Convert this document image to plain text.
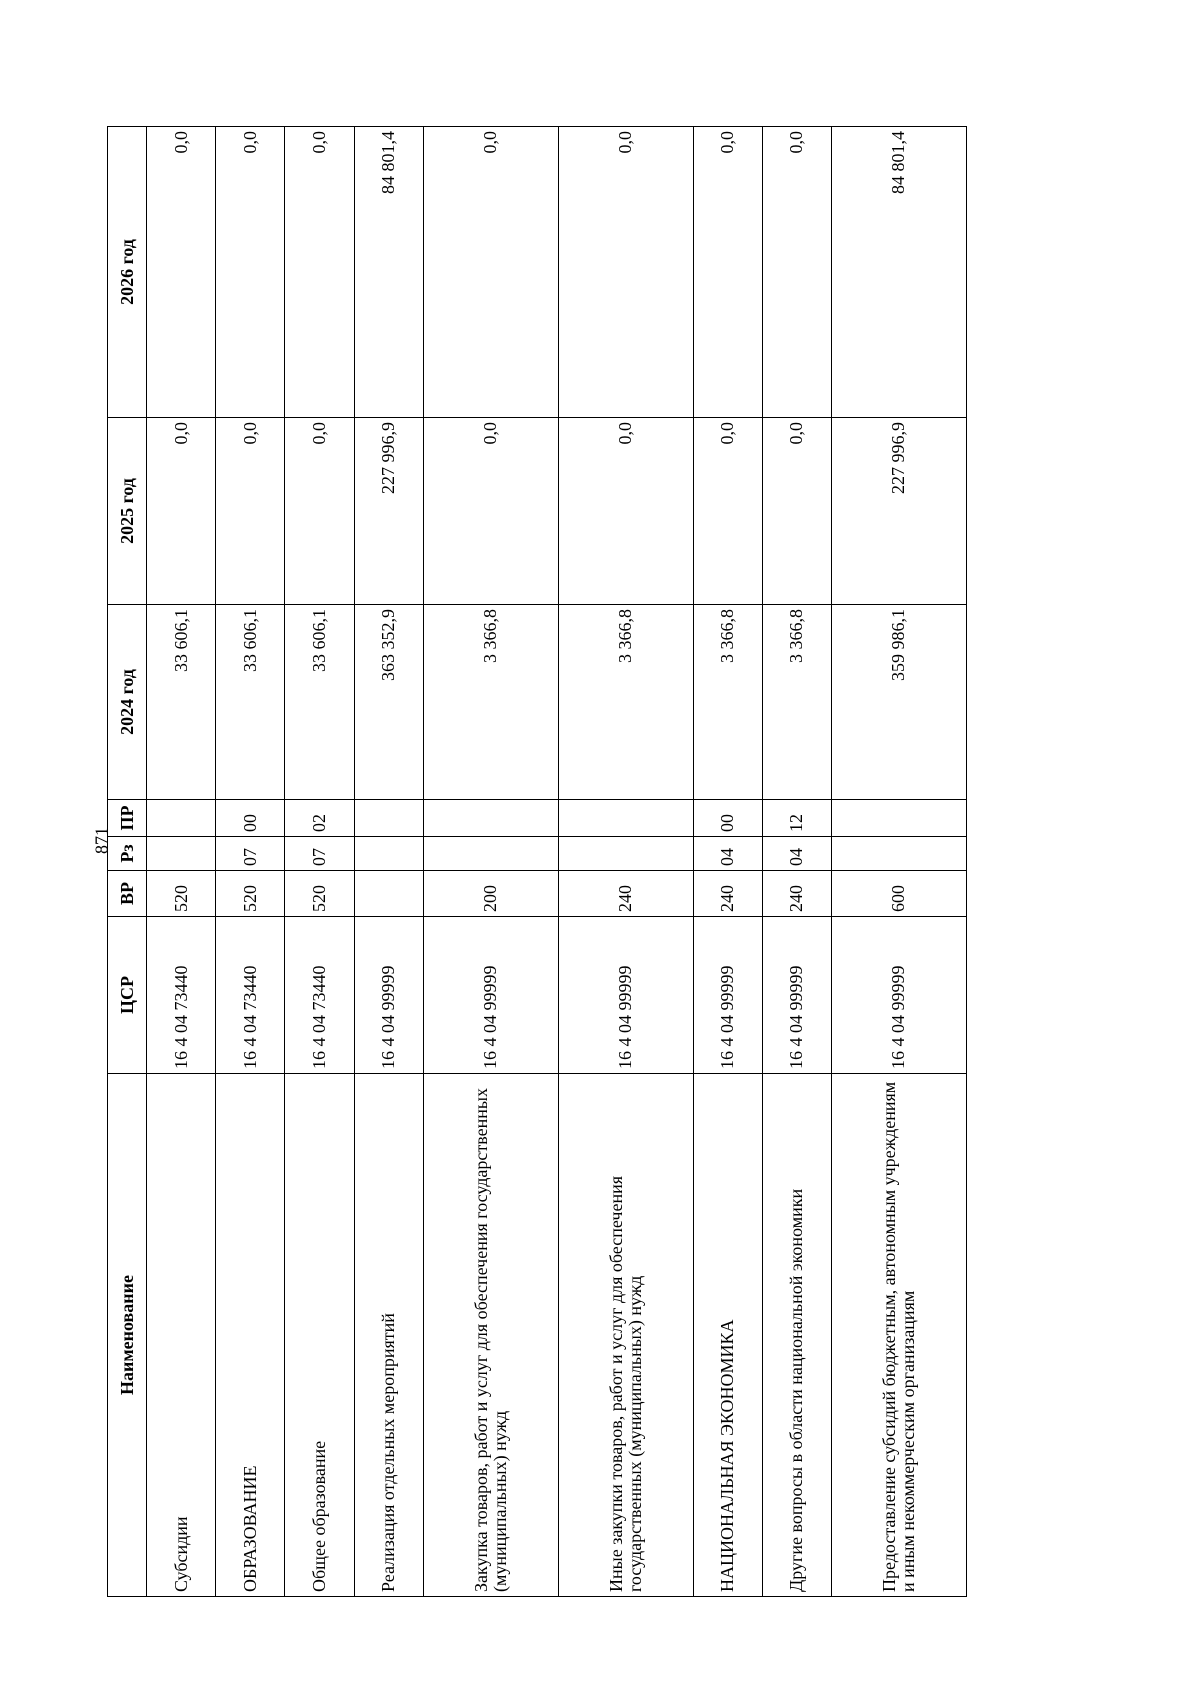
871
Наименование	ЦСР	ВР	Рз	ПР	2024 год	2025 год	2026 год
Субсидии	16 4 04 73440	520			33 606,1	0,0	0,0
ОБРАЗОВАНИЕ	16 4 04 73440	520	07	00	33 606,1	0,0	0,0
Общее образование	16 4 04 73440	520	07	02	33 606,1	0,0	0,0
Реализация отдельных мероприятий	16 4 04 99999				363 352,9	227 996,9	84 801,4
Закупка товаров, работ и услуг для обеспечения государственных (муниципальных) нужд	16 4 04 99999	200			3 366,8	0,0	0,0
Иные закупки товаров, работ и услуг для обеспечения государственных (муниципальных) нужд	16 4 04 99999	240			3 366,8	0,0	0,0
НАЦИОНАЛЬНАЯ ЭКОНОМИКА	16 4 04 99999	240	04	00	3 366,8	0,0	0,0
Другие вопросы в области национальной экономики	16 4 04 99999	240	04	12	3 366,8	0,0	0,0
Предоставление субсидий бюджетным, автономным учреждениям и иным некоммерческим организациям	16 4 04 99999	600			359 986,1	227 996,9	84 801,4
